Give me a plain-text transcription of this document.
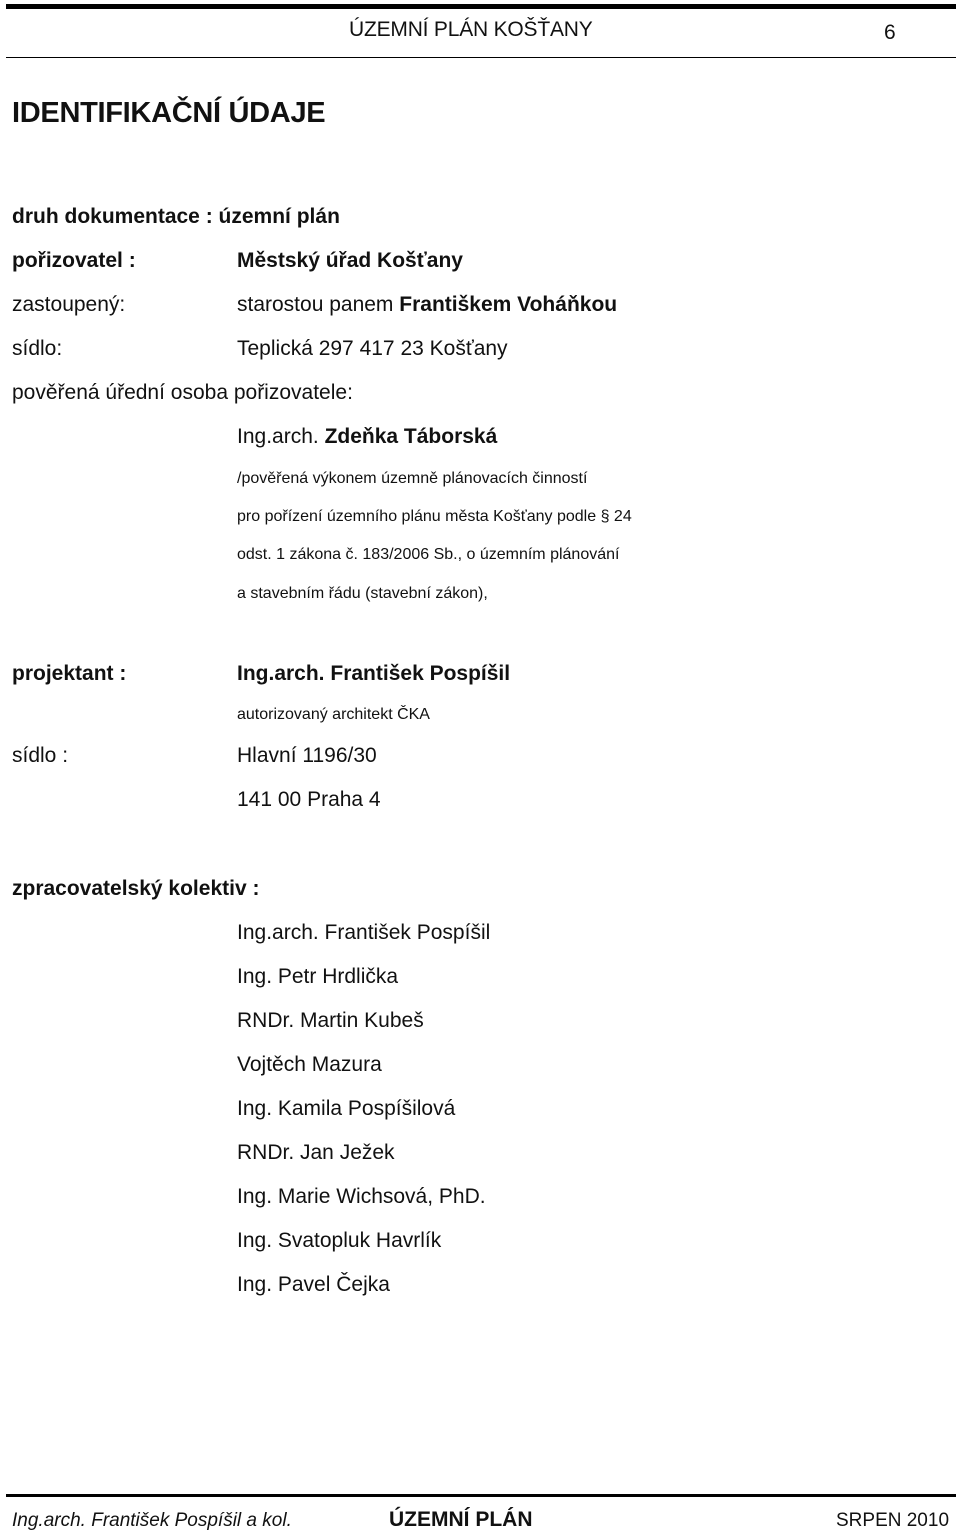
ÚZEMNÍ PLÁN KOŠŤANY	6
IDENTIFIKAČNÍ ÚDAJE
druh dokumentace : územní plán
pořizovatel :	Městský úřad Košťany
zastoupený:	starostou panem Františkem Voháňkou
sídlo:	Teplická 297 417 23 Košťany
pověřená úřední osoba pořizovatele:
Ing.arch. Zdeňka Táborská
/pověřená výkonem územně plánovacích činností
pro pořízení územního plánu města Košťany podle § 24
odst. 1 zákona č. 183/2006 Sb., o územním plánování
a stavebním řádu (stavební zákon),
projektant :	Ing.arch. František Pospíšil
autorizovaný architekt ČKA
sídlo :	Hlavní 1196/30
141 00 Praha 4
zpracovatelský kolektiv :
Ing.arch. František Pospíšil
Ing. Petr Hrdlička
RNDr. Martin Kubeš
Vojtěch Mazura
Ing. Kamila Pospíšilová
RNDr. Jan Ježek
Ing. Marie Wichsová, PhD.
Ing. Svatopluk Havrlík
Ing. Pavel Čejka
Ing.arch. František Pospíšil a kol.	ÚZEMNÍ PLÁN	SRPEN 2010
